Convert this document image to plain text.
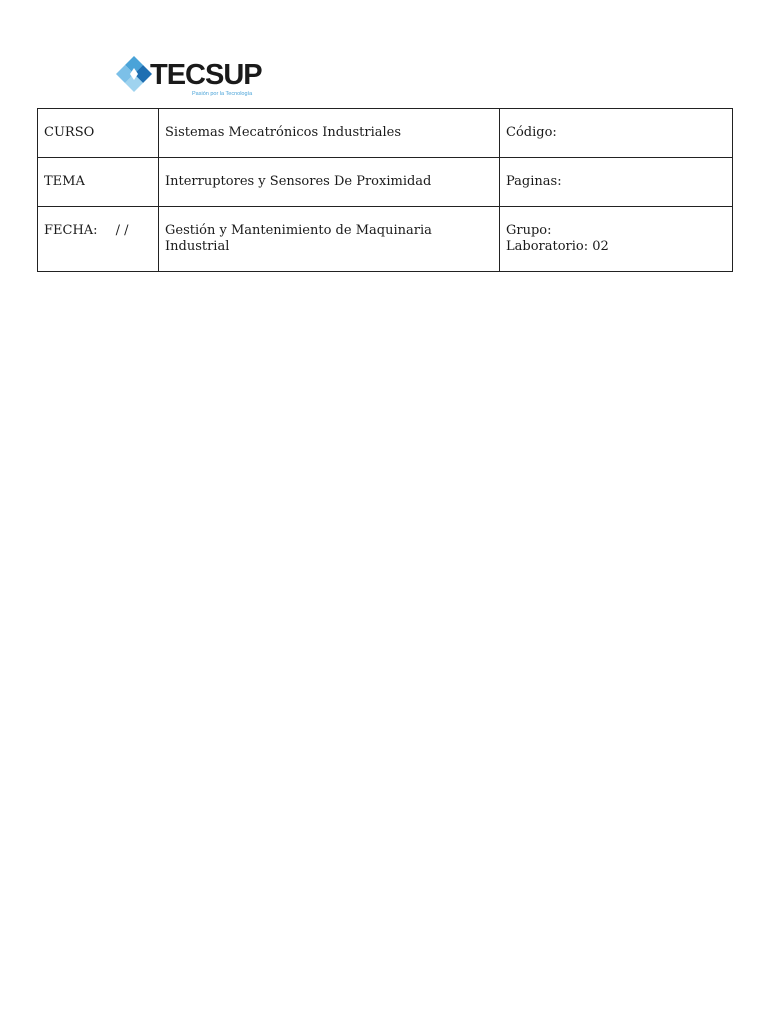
TECSUP
Pasión por la Tecnología
CURSO	Sistemas Mecatrónicos Industriales	Código:
TEMA	Interruptores y Sensores De Proximidad	Paginas:
FECHA: / /	Gestión y Mantenimiento de Maquinaria Industrial	Grupo:
Laboratorio: 02
